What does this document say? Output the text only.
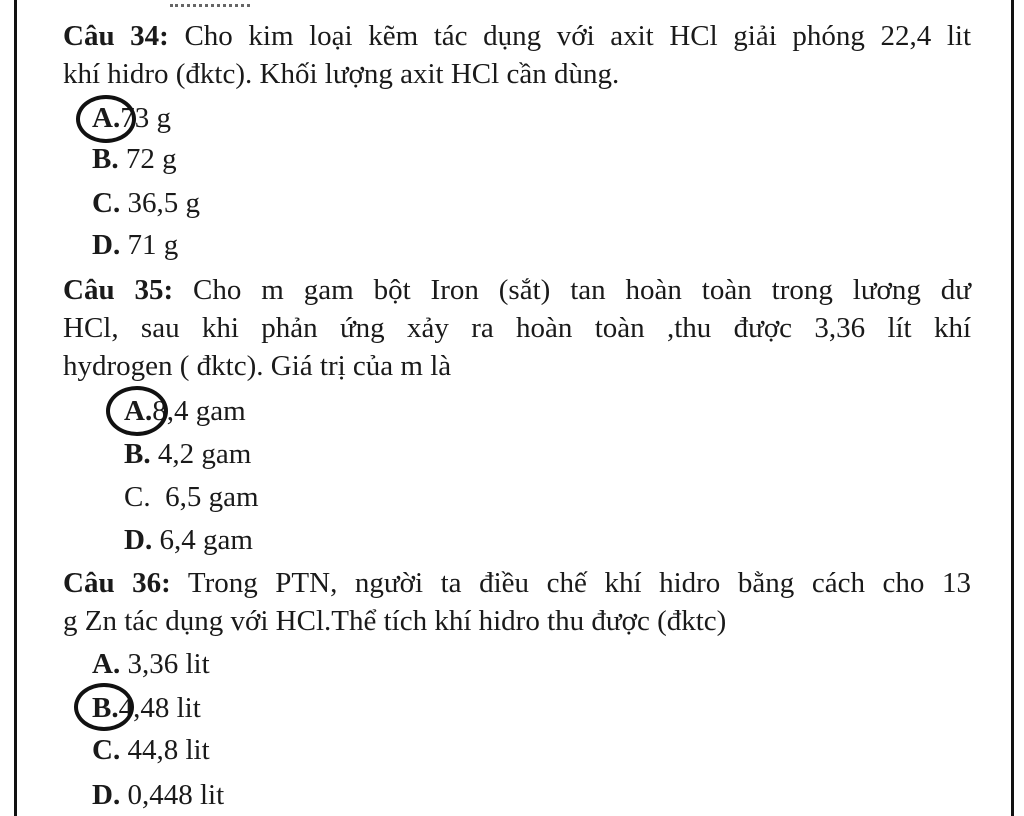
Câu 34: Cho kim loại kẽm tác dụng với axit HCl giải phóng 22,4 lit
khí hidro (đktc). Khối lượng axit HCl cần dùng.
A.73 g
B. 72 g
C. 36,5 g
D. 71 g
Câu 35: Cho m gam bột Iron (sắt) tan hoàn toàn trong lương dư
HCl, sau khi phản ứng xảy ra hoàn toàn ,thu được 3,36 lít khí
hydrogen ( đktc). Giá trị của m là
A.8,4 gam
B. 4,2 gam
C.  6,5 gam
D. 6,4 gam
Câu 36: Trong PTN, người ta điều chế khí hidro bằng cách cho 13
g Zn tác dụng với HCl.Thể tích khí hidro thu được (đktc)
A. 3,36 lit
B.4,48 lit
C. 44,8 lit
D. 0,448 lit
